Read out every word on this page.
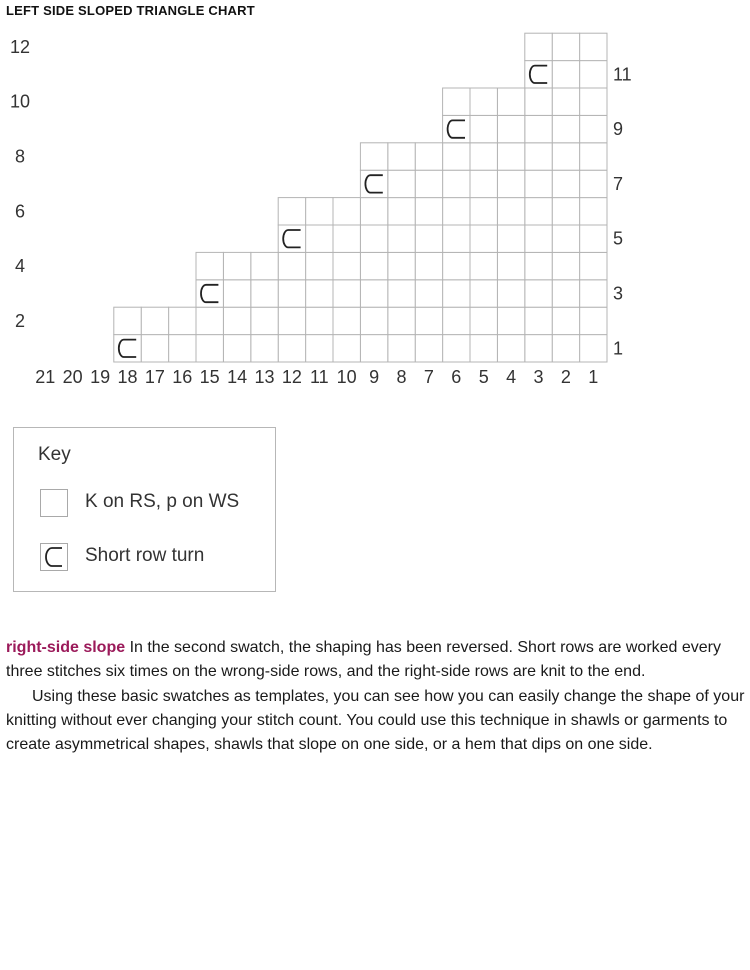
LEFT SIDE SLOPED TRIANGLE CHART
21 20 19 18 17 16 15 14 13 12 11 10 9 8 7 6 5 4 3 2 1
12
10
8
6
4
2
11
9
7
5
3
1
Key
K on RS, p on WS
Short row turn

right-side slope In the second swatch, the shaping has been reversed. Short rows are worked every three stitches six times on the wrong-side rows, and the right-side rows are knit to the end.

Using these basic swatches as templates, you can see how you can easily change the shape of your knitting without ever changing your stitch count. You could use this technique in shawls or garments to create asymmetrical shapes, shawls that slope on one side, or a hem that dips on one side.
